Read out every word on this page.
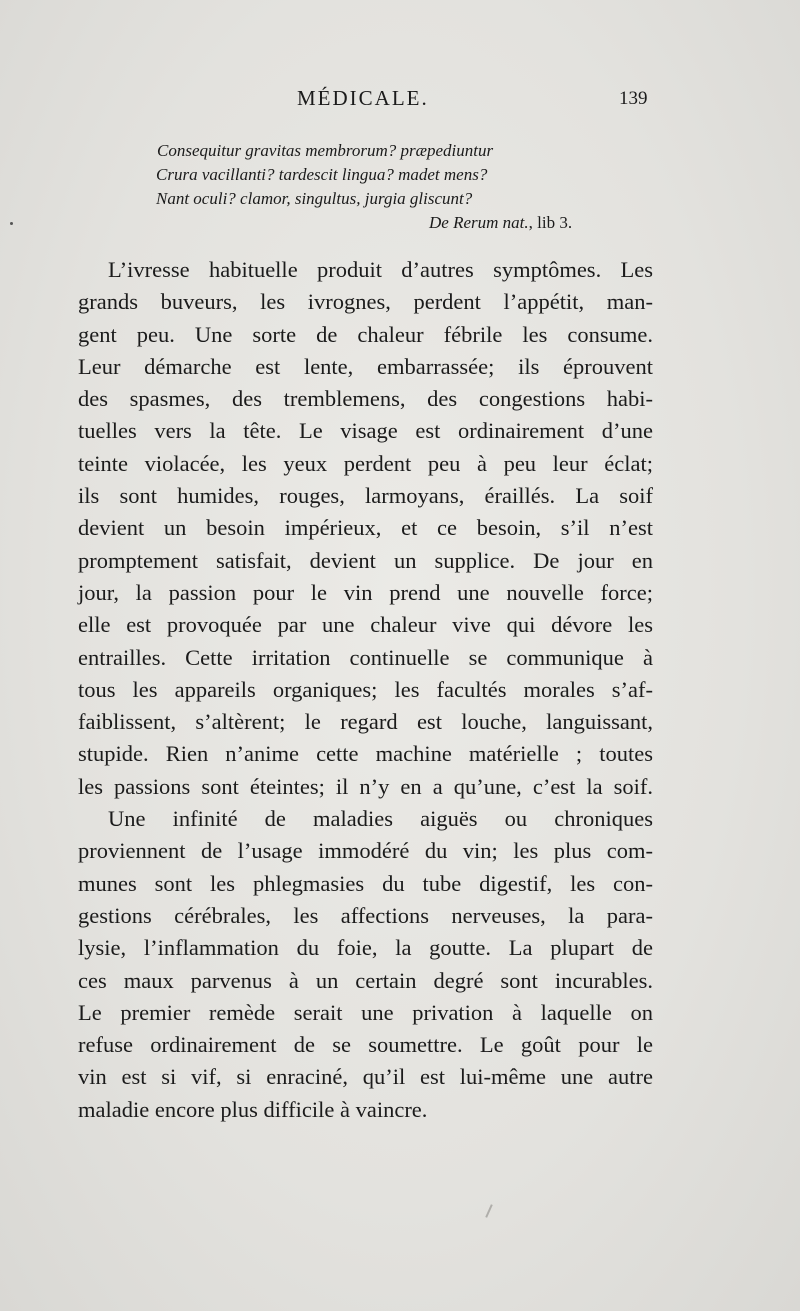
MÉDICALE.	139
Consequitur gravitas membrorum? præpediuntur
Crura vacillanti? tardescit lingua? madet mens?
Nant oculi? clamor, singultus, jurgia gliscunt?
De Rerum nat., lib 3.
L’ivresse habituelle produit d’autres symptômes. Les
grands buveurs, les ivrognes, perdent l’appétit, man-
gent peu. Une sorte de chaleur fébrile les consume.
Leur démarche est lente, embarrassée; ils éprouvent
des spasmes, des tremblemens, des congestions habi-
tuelles vers la tête. Le visage est ordinairement d’une
teinte violacée, les yeux perdent peu à peu leur éclat;
ils sont humides, rouges, larmoyans, éraillés. La soif
devient un besoin impérieux, et ce besoin, s’il n’est
promptement satisfait, devient un supplice. De jour en
jour, la passion pour le vin prend une nouvelle force;
elle est provoquée par une chaleur vive qui dévore les
entrailles. Cette irritation continuelle se communique à
tous les appareils organiques; les facultés morales s’af-
faiblissent, s’altèrent; le regard est louche, languissant,
stupide. Rien n’anime cette machine matérielle ; toutes
les passions sont éteintes; il n’y en a qu’une, c’est la soif.
Une infinité de maladies aiguës ou chroniques
proviennent de l’usage immodéré du vin; les plus com-
munes sont les phlegmasies du tube digestif, les con-
gestions cérébrales, les affections nerveuses, la para-
lysie, l’inflammation du foie, la goutte. La plupart de
ces maux parvenus à un certain degré sont incurables.
Le premier remède serait une privation à laquelle on
refuse ordinairement de se soumettre. Le goût pour le
vin est si vif, si enraciné, qu’il est lui-même une autre
maladie encore plus difficile à vaincre.
